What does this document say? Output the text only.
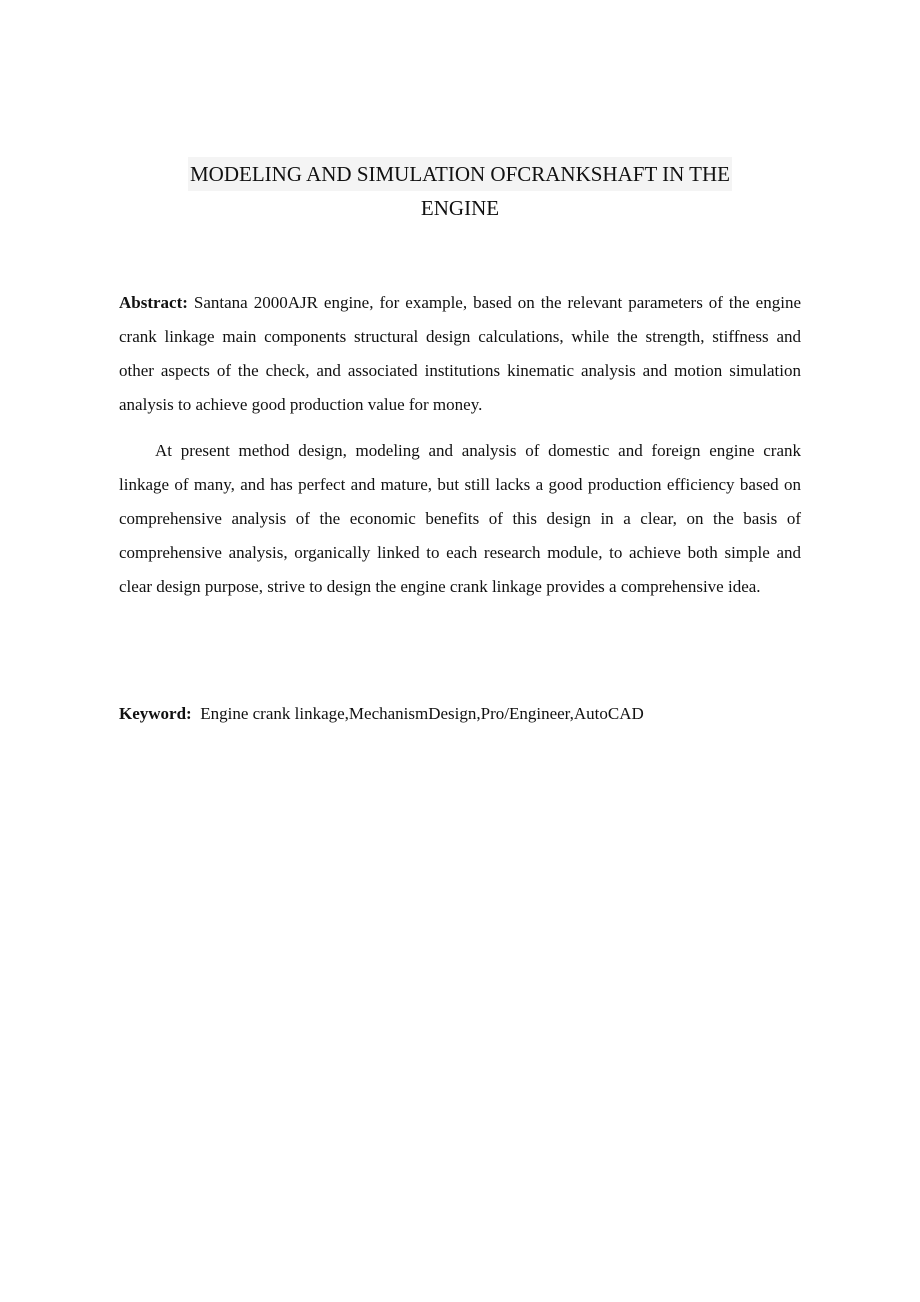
MODELING AND SIMULATION OFCRANKSHAFT IN THE
ENGINE

Abstract: Santana 2000AJR engine, for example, based on the relevant parameters of the engine crank linkage main components structural design calculations, while the strength, stiffness and other aspects of the check, and associated institutions kinematic analysis and motion simulation analysis to achieve good production value for money.

At present method design, modeling and analysis of domestic and foreign engine crank linkage of many, and has perfect and mature, but still lacks a good production efficiency based on comprehensive analysis of the economic benefits of this design in a clear, on the basis of comprehensive analysis, organically linked to each research module, to achieve both simple and clear design purpose, strive to design the engine crank linkage provides a comprehensive idea.

Keyword: Engine crank linkage,MechanismDesign,Pro/Engineer,AutoCAD
